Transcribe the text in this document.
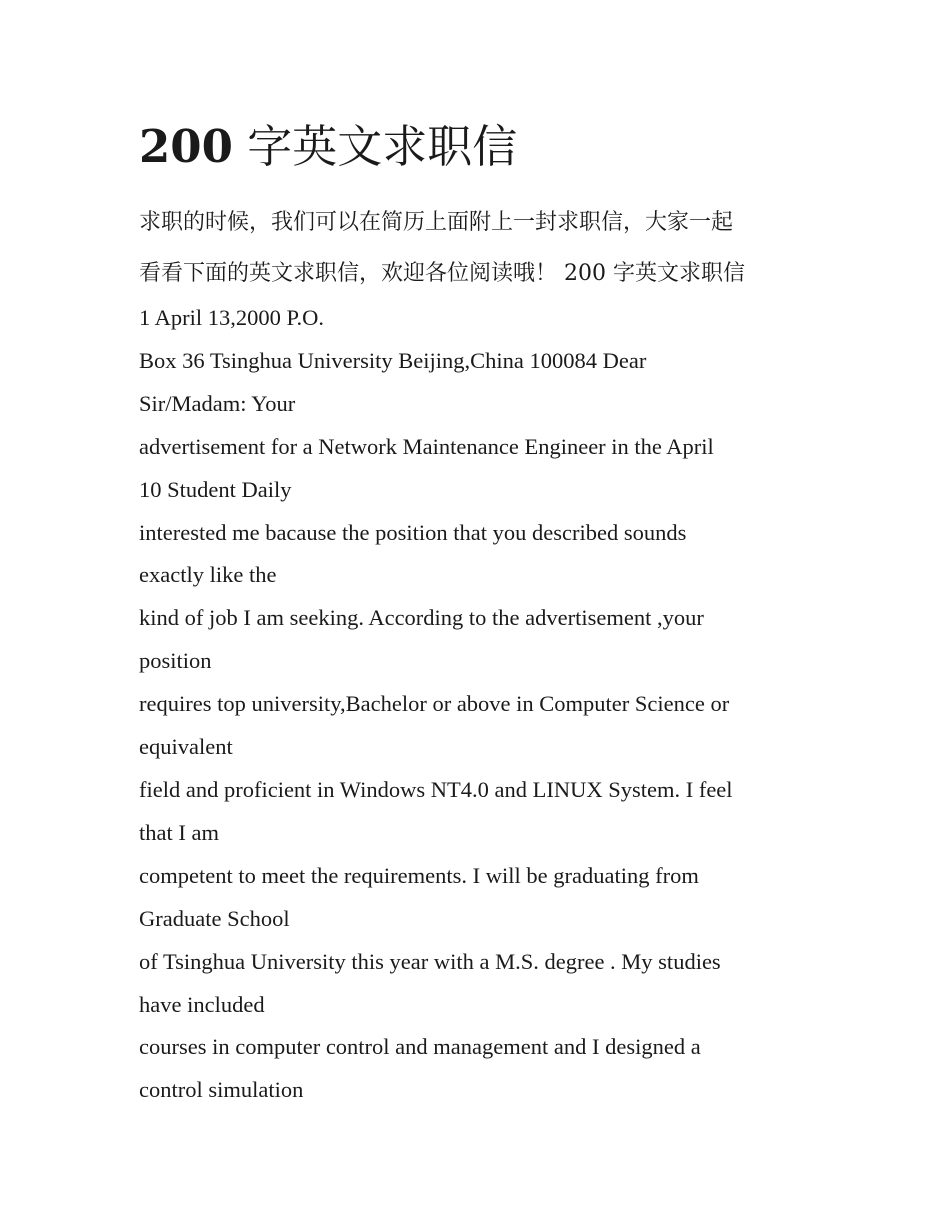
200 字英文求职信
求职的时候，我们可以在简历上面附上一封求职信，大家一起
看看下面的英文求职信，欢迎各位阅读哦！ 200 字英文求职信
1 April 13,2000 P.O.
Box 36 Tsinghua University Beijing,China 100084 Dear
Sir/Madam: Your
advertisement for a Network Maintenance Engineer in the April
10 Student Daily
interested me bacause the position that you described sounds
exactly like the
kind of job I am seeking. According to the advertisement ,your
position
requires top university,Bachelor or above in Computer Science or
equivalent
field and proficient in Windows NT4.0 and LINUX System. I feel
that I am
competent to meet the requirements. I will be graduating from
Graduate School
of Tsinghua University this year with a M.S. degree . My studies
have included
courses in computer control and management and I designed a
control simulation
